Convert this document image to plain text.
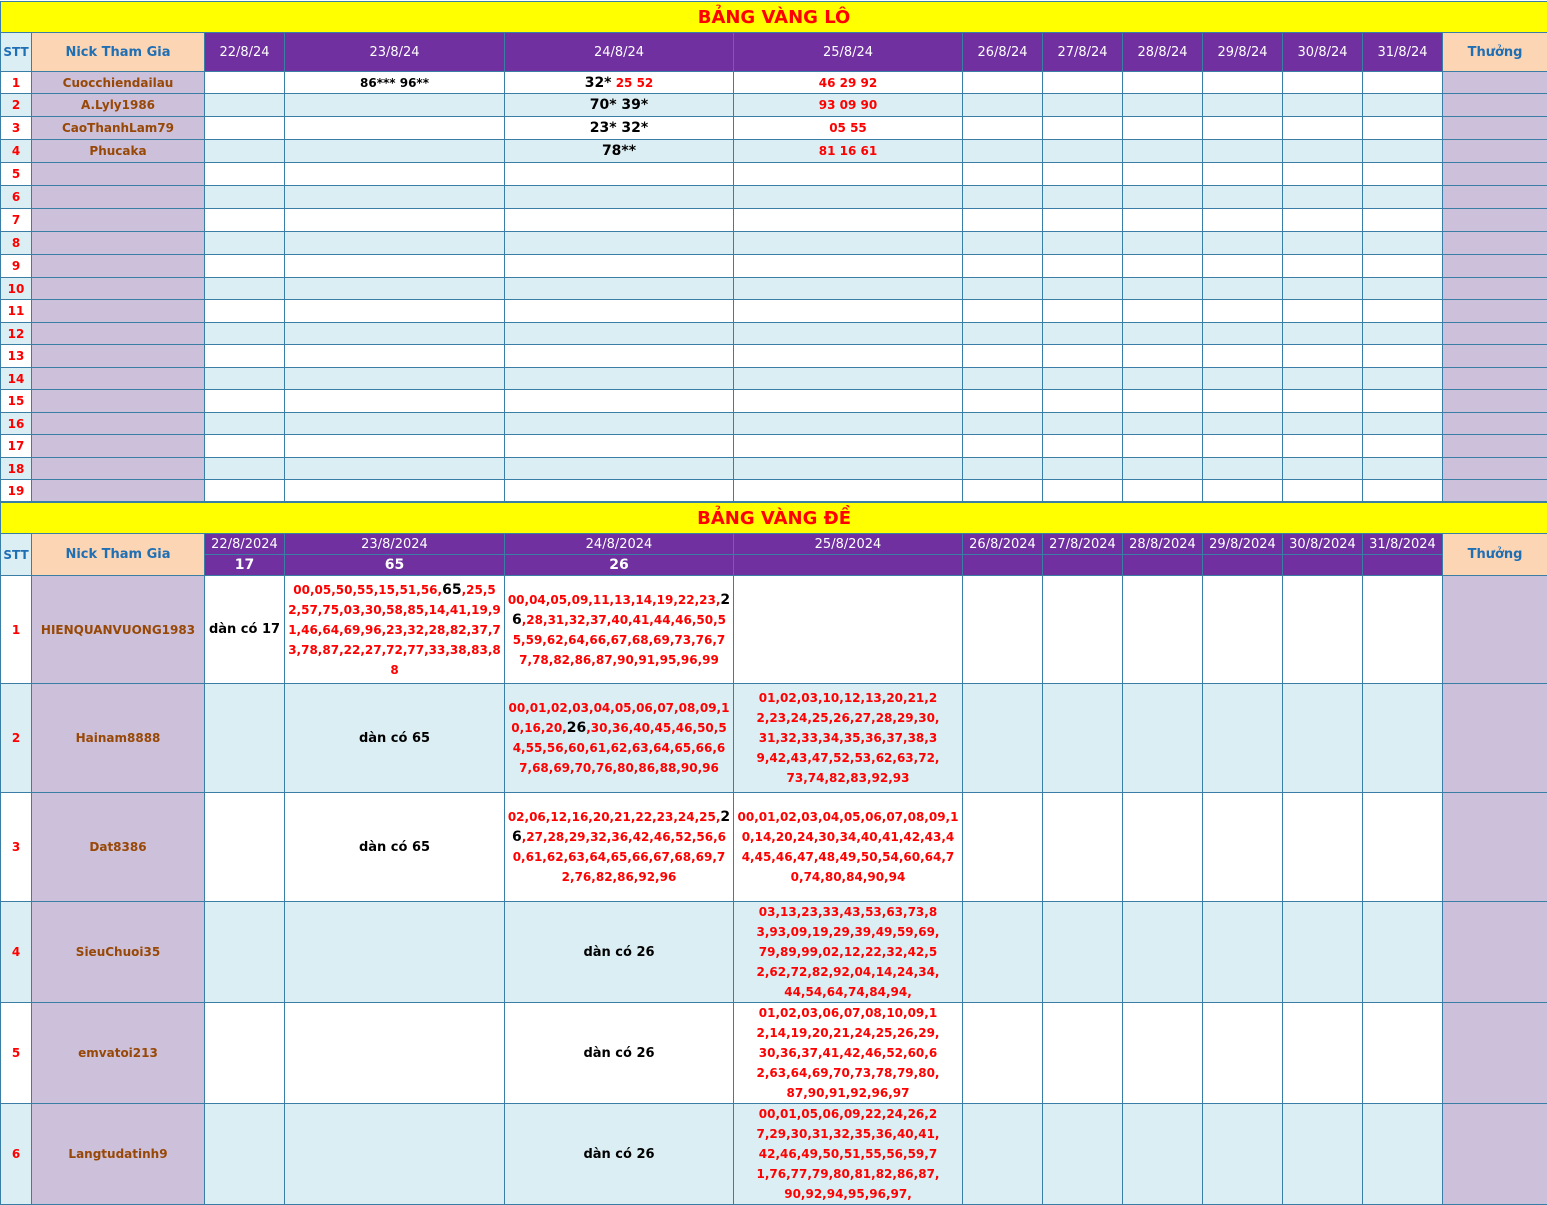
BẢNG VÀNG LÔ												
STT	Nick Tham Gia	22/8/24	23/8/24	24/8/24	25/8/24	26/8/24	27/8/24	28/8/24	29/8/24	30/8/24	31/8/24	Thưởng
1	Cuocchiendailau		86*** 96**	32* 25 52	46 29 92							
2	A.Lyly1986			70* 39*	93 09 90							
3	CaoThanhLam79			23* 32*	05 55							
4	Phucaka			78**	81 16 61							
5												
6												
7												
8												
9												
10												
11												
12												
13												
14												
15												
16												
17												
18												
19												
BẢNG VÀNG ĐỀ												
STT	Nick Tham Gia	22/8/2024	23/8/2024	24/8/2024	25/8/2024	26/8/2024	27/8/2024	28/8/2024	29/8/2024	30/8/2024	31/8/2024	Thưởng
		17	65	26								
1	HIENQUANVUONG1983	dàn có 17	00,05,50,55,15,51,56,65,25,52,57,75,03,30,58,85,14,41,19,91,46,64,69,96,23,32,28,82,37,73,78,87,22,27,72,77,33,38,83,88	00,04,05,09,11,13,14,19,22,23,26,28,31,32,37,40,41,44,46,50,55,59,62,64,66,67,68,69,73,76,77,78,82,86,87,90,91,95,96,99								
2	Hainam8888		dàn có 65	00,01,02,03,04,05,06,07,08,09,10,16,20,26,30,36,40,45,46,50,54,55,56,60,61,62,63,64,65,66,67,68,69,70,76,80,86,88,90,96	01,02,03,10,12,13,20,21,22,23,24,25,26,27,28,29,30,31,32,33,34,35,36,37,38,39,42,43,47,52,53,62,63,72,73,74,82,83,92,93							
3	Dat8386		dàn có 65	02,06,12,16,20,21,22,23,24,25,26,27,28,29,32,36,42,46,52,56,60,61,62,63,64,65,66,67,68,69,72,76,82,86,92,96	00,01,02,03,04,05,06,07,08,09,10,14,20,24,30,34,40,41,42,43,44,45,46,47,48,49,50,54,60,64,70,74,80,84,90,94							
4	SieuChuoi35			dàn có 26	03,13,23,33,43,53,63,73,83,93,09,19,29,39,49,59,69,79,89,99,02,12,22,32,42,52,62,72,82,92,04,14,24,34,44,54,64,74,84,94,							
5	emvatoi213			dàn có 26	01,02,03,06,07,08,10,09,12,14,19,20,21,24,25,26,29,30,36,37,41,42,46,52,60,62,63,64,69,70,73,78,79,80,87,90,91,92,96,97							
6	Langtudatinh9			dàn có 26	00,01,05,06,09,22,24,26,27,29,30,31,32,35,36,40,41,42,46,49,50,51,55,56,59,71,76,77,79,80,81,82,86,87,90,92,94,95,96,97,							
